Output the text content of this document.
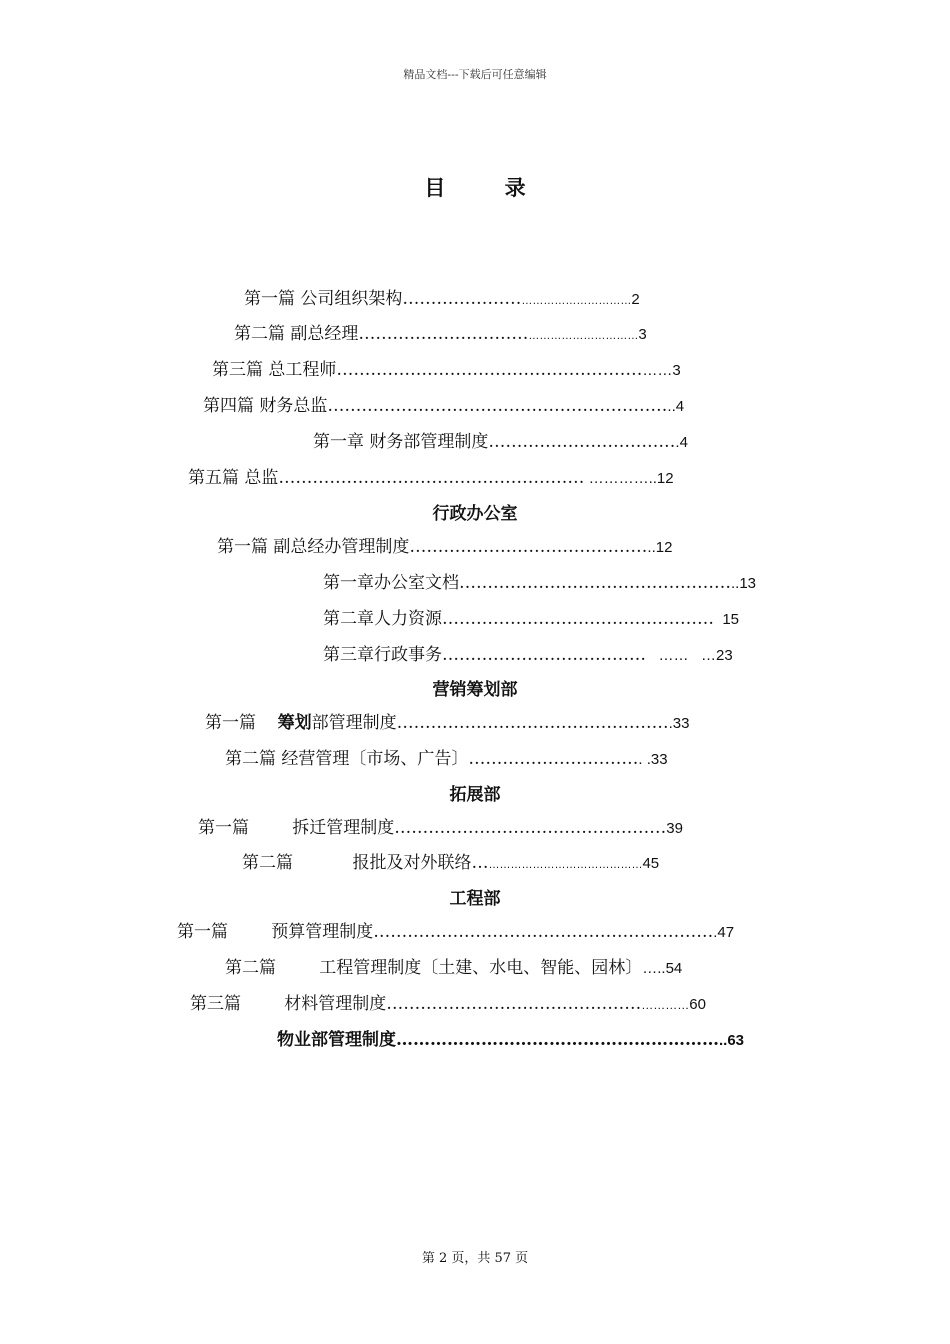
精品文档---下载后可任意编辑
目 录
第一篇 公司组织架构……………………………………………2
第二篇 副总经理……………………………………………………3
第三篇 总工程师……………………………………………………3
第四篇 财务总监……………………………………………………..4
第一章 财务部管理制度…………………………….4
第五篇 总监……………………………………………… …………..12
行政办公室
第一篇 副总经办管理制度……………………………………..12
第一章办公室文档…………………………………………..13
第二章人力资源………………………………………… 15
第三章行政事务………………………………   ……   …23
营销筹划部
第一篇    筹划部管理制度………………………………………….33
第二篇 经营管理〔市场、广告〕…………………………. .33
拓展部
第一篇        拆迁管理制度…………………………………………39
第二篇           报批及对外联络………………………………………45
工程部
第一篇        预算管理制度…………………………………………………….47
第二篇        工程管理制度〔土建、水电、智能、园林〕…..54
第三篇        材料管理制度…………………………………………………60
物业部管理制度…………………………………………………..63
第 2 页，共 57 页
